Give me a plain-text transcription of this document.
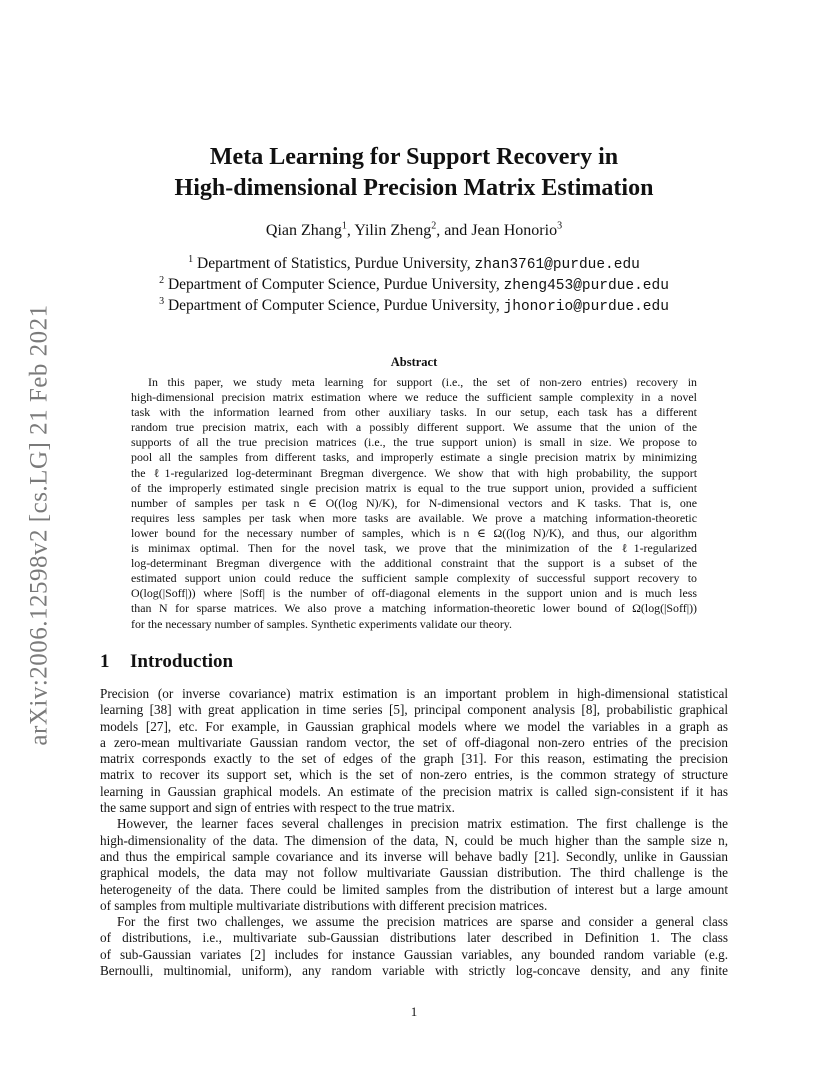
arXiv:2006.12598v2 [cs.LG] 21 Feb 2021
Meta Learning for Support Recovery in
High-dimensional Precision Matrix Estimation
Qian Zhang$^1$, Yilin Zheng$^2$, and Jean Honorio$^3$
$^1$ Department of Statistics, Purdue University, zhan3761@purdue.edu
$^2$ Department of Computer Science, Purdue University, zheng453@purdue.edu
$^3$ Department of Computer Science, Purdue University, jhonorio@purdue.edu
Abstract
In this paper, we study meta learning for support (i.e., the set of non-zero entries) recovery in
high-dimensional precision matrix estimation where we reduce the sufficient sample complexity in a novel
task with the information learned from other auxiliary tasks. In our setup, each task has a different
random true precision matrix, each with a possibly different support. We assume that the union of the
supports of all the true precision matrices (i.e., the true support union) is small in size. We propose to
pool all the samples from different tasks, and improperly estimate a single precision matrix by minimizing
the ℓ1-regularized log-determinant Bregman divergence. We show that with high probability, the support
of the improperly estimated single precision matrix is equal to the true support union, provided a sufficient
number of samples per task n ∈ O((log N)/K), for N-dimensional vectors and K tasks. That is, one
requires less samples per task when more tasks are available. We prove a matching information-theoretic
lower bound for the necessary number of samples, which is n ∈ Ω((log N)/K), and thus, our algorithm
is minimax optimal. Then for the novel task, we prove that the minimization of the ℓ1-regularized
log-determinant Bregman divergence with the additional constraint that the support is a subset of the
estimated support union could reduce the sufficient sample complexity of successful support recovery to
O(log(|Soff|)) where |Soff| is the number of off-diagonal elements in the support union and is much less
than N for sparse matrices. We also prove a matching information-theoretic lower bound of Ω(log(|Soff|))
for the necessary number of samples. Synthetic experiments validate our theory.
1 Introduction
Precision (or inverse covariance) matrix estimation is an important problem in high-dimensional statistical
learning [38] with great application in time series [5], principal component analysis [8], probabilistic graphical
models [27], etc. For example, in Gaussian graphical models where we model the variables in a graph as
a zero-mean multivariate Gaussian random vector, the set of off-diagonal non-zero entries of the precision
matrix corresponds exactly to the set of edges of the graph [31]. For this reason, estimating the precision
matrix to recover its support set, which is the set of non-zero entries, is the common strategy of structure
learning in Gaussian graphical models. An estimate of the precision matrix is called sign-consistent if it has
the same support and sign of entries with respect to the true matrix.
However, the learner faces several challenges in precision matrix estimation. The first challenge is the
high-dimensionality of the data. The dimension of the data, N, could be much higher than the sample size n,
and thus the empirical sample covariance and its inverse will behave badly [21]. Secondly, unlike in Gaussian
graphical models, the data may not follow multivariate Gaussian distribution. The third challenge is the
heterogeneity of the data. There could be limited samples from the distribution of interest but a large amount
of samples from multiple multivariate distributions with different precision matrices.
For the first two challenges, we assume the precision matrices are sparse and consider a general class
of distributions, i.e., multivariate sub-Gaussian distributions later described in Definition 1. The class
of sub-Gaussian variates [2] includes for instance Gaussian variables, any bounded random variable (e.g.
Bernoulli, multinomial, uniform), any random variable with strictly log-concave density, and any finite
1
